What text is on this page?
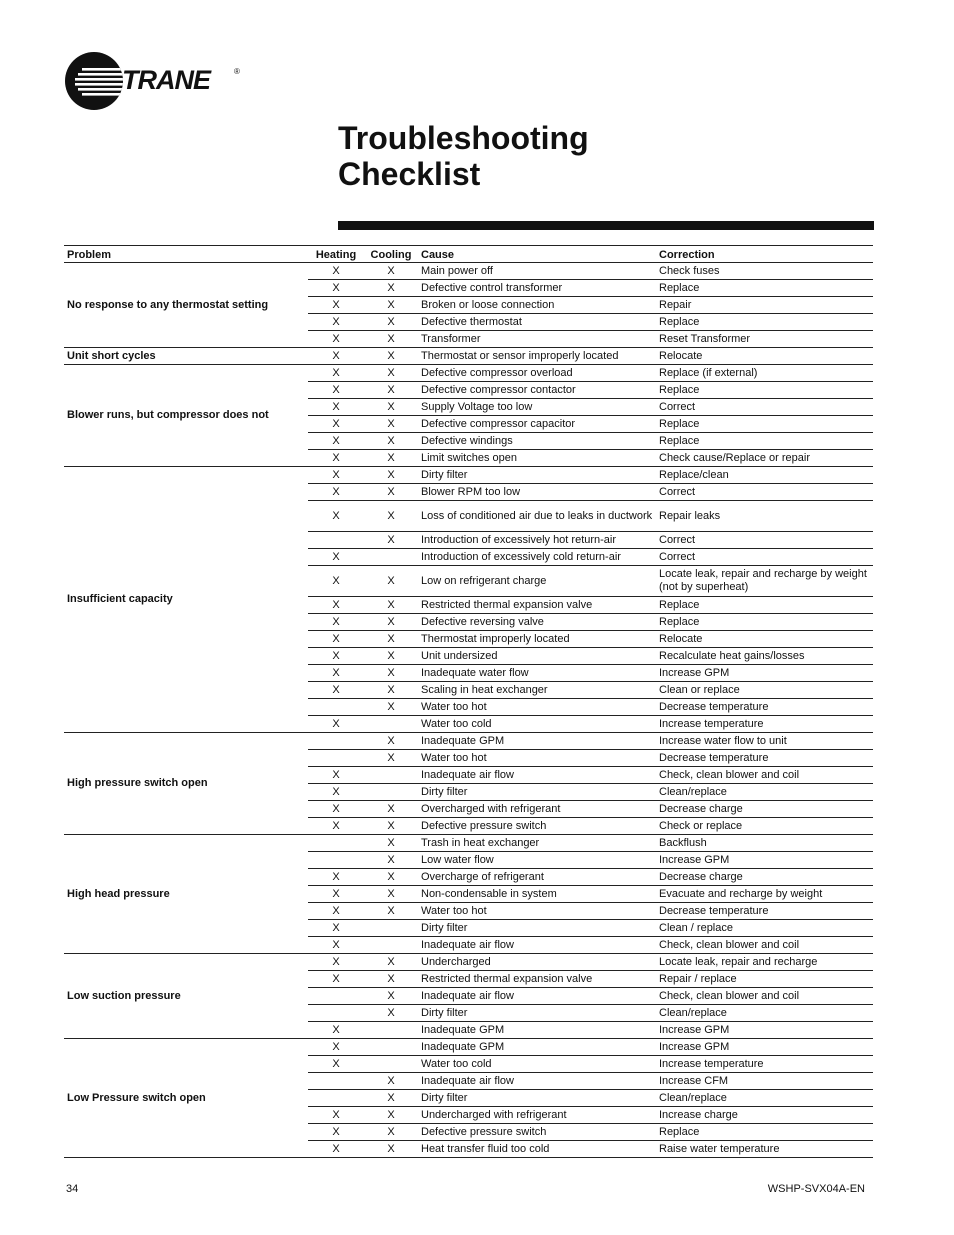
TRANE	®
Troubleshooting
Checklist
Problem	Heating	Cooling	Cause	Correction
No response to any thermostat setting	X	X	Main power off	Check fuses
	X	X	Defective control transformer	Replace
	X	X	Broken or loose connection	Repair
	X	X	Defective thermostat	Replace
	X	X	Transformer	Reset Transformer
Unit short cycles	X	X	Thermostat or sensor improperly located	Relocate
Blower runs, but compressor does not	X	X	Defective compressor overload	Replace (if external)
	X	X	Defective compressor contactor	Replace
	X	X	Supply Voltage too low	Correct
	X	X	Defective compressor capacitor	Replace
	X	X	Defective windings	Replace
	X	X	Limit switches open	Check cause/Replace or repair
Insufficient capacity	X	X	Dirty filter	Replace/clean
	X	X	Blower RPM too low	Correct
	X	X	Loss of conditioned air due to leaks in ductwork	Repair leaks
		X	Introduction of excessively hot return-air	Correct
	X		Introduction of excessively cold return-air	Correct
	X	X	Low on refrigerant charge	Locate leak, repair and recharge by weight (not by superheat)
	X	X	Restricted thermal expansion valve	Replace
	X	X	Defective reversing valve	Replace
	X	X	Thermostat improperly located	Relocate
	X	X	Unit undersized	Recalculate heat gains/losses
	X	X	Inadequate water flow	Increase GPM
	X	X	Scaling in heat exchanger	Clean or replace
		X	Water too hot	Decrease temperature
	X		Water too cold	Increase temperature
High pressure switch open		X	Inadequate GPM	Increase water flow to unit
		X	Water too hot	Decrease temperature
	X		Inadequate air flow	Check, clean blower and coil
	X		Dirty filter	Clean/replace
	X	X	Overcharged with refrigerant	Decrease charge
	X	X	Defective pressure switch	Check or replace
High head pressure		X	Trash in heat exchanger	Backflush
		X	Low water flow	Increase GPM
	X	X	Overcharge of refrigerant	Decrease charge
	X	X	Non-condensable in system	Evacuate and recharge by weight
	X	X	Water too hot	Decrease temperature
	X		Dirty filter	Clean / replace
	X		Inadequate air flow	Check, clean blower and coil
Low suction pressure	X	X	Undercharged	Locate leak, repair and recharge
	X	X	Restricted thermal expansion valve	Repair / replace
		X	Inadequate air flow	Check, clean blower and coil
		X	Dirty filter	Clean/replace
	X		Inadequate GPM	Increase GPM
Low Pressure switch open	X		Inadequate GPM	Increase GPM
	X		Water too cold	Increase temperature
		X	Inadequate air flow	Increase CFM
		X	Dirty filter	Clean/replace
	X	X	Undercharged with refrigerant	Increase charge
	X	X	Defective pressure switch	Replace
	X	X	Heat transfer fluid too cold	Raise water temperature
34	WSHP-SVX04A-EN
